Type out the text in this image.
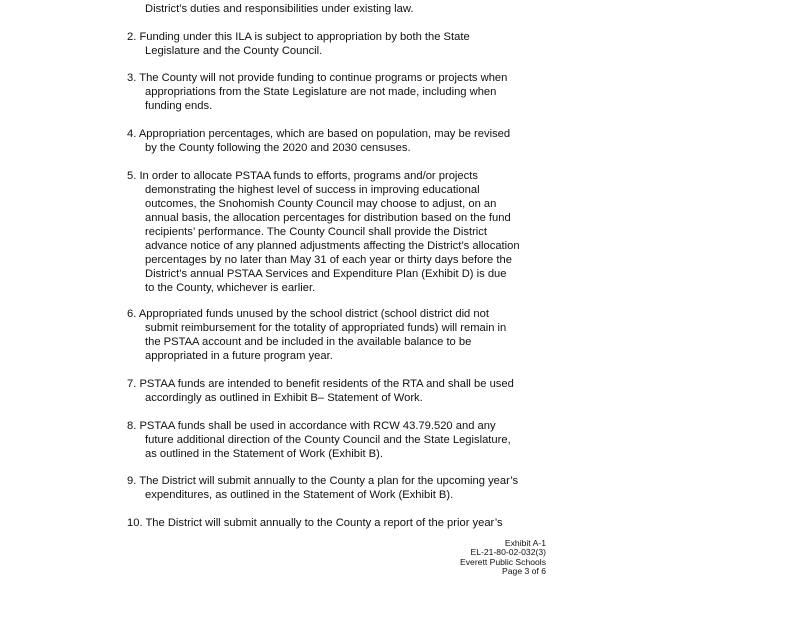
District’s duties and responsibilities under existing law.

2. Funding under this ILA is subject to appropriation by both the State
Legislature and the County Council.

3. The County will not provide funding to continue programs or projects when
appropriations from the State Legislature are not made, including when
funding ends.

4. Appropriation percentages, which are based on population, may be revised
by the County following the 2020 and 2030 censuses.

5. In order to allocate PSTAA funds to efforts, programs and/or projects
demonstrating the highest level of success in improving educational
outcomes, the Snohomish County Council may choose to adjust, on an
annual basis, the allocation percentages for distribution based on the fund
recipients’ performance. The County Council shall provide the District
advance notice of any planned adjustments affecting the District’s allocation
percentages by no later than May 31 of each year or thirty days before the
District’s annual PSTAA Services and Expenditure Plan (Exhibit D) is due
to the County, whichever is earlier.

6. Appropriated funds unused by the school district (school district did not
submit reimbursement for the totality of appropriated funds) will remain in
the PSTAA account and be included in the available balance to be
appropriated in a future program year.

7. PSTAA funds are intended to benefit residents of the RTA and shall be used
accordingly as outlined in Exhibit B– Statement of Work.

8. PSTAA funds shall be used in accordance with RCW 43.79.520 and any
future additional direction of the County Council and the State Legislature,
as outlined in the Statement of Work (Exhibit B).

9. The District will submit annually to the County a plan for the upcoming year’s
expenditures, as outlined in the Statement of Work (Exhibit B).

10. The District will submit annually to the County a report of the prior year’s

Exhibit A-1
EL-21-80-02-032(3)
Everett Public Schools
Page 3 of 6
